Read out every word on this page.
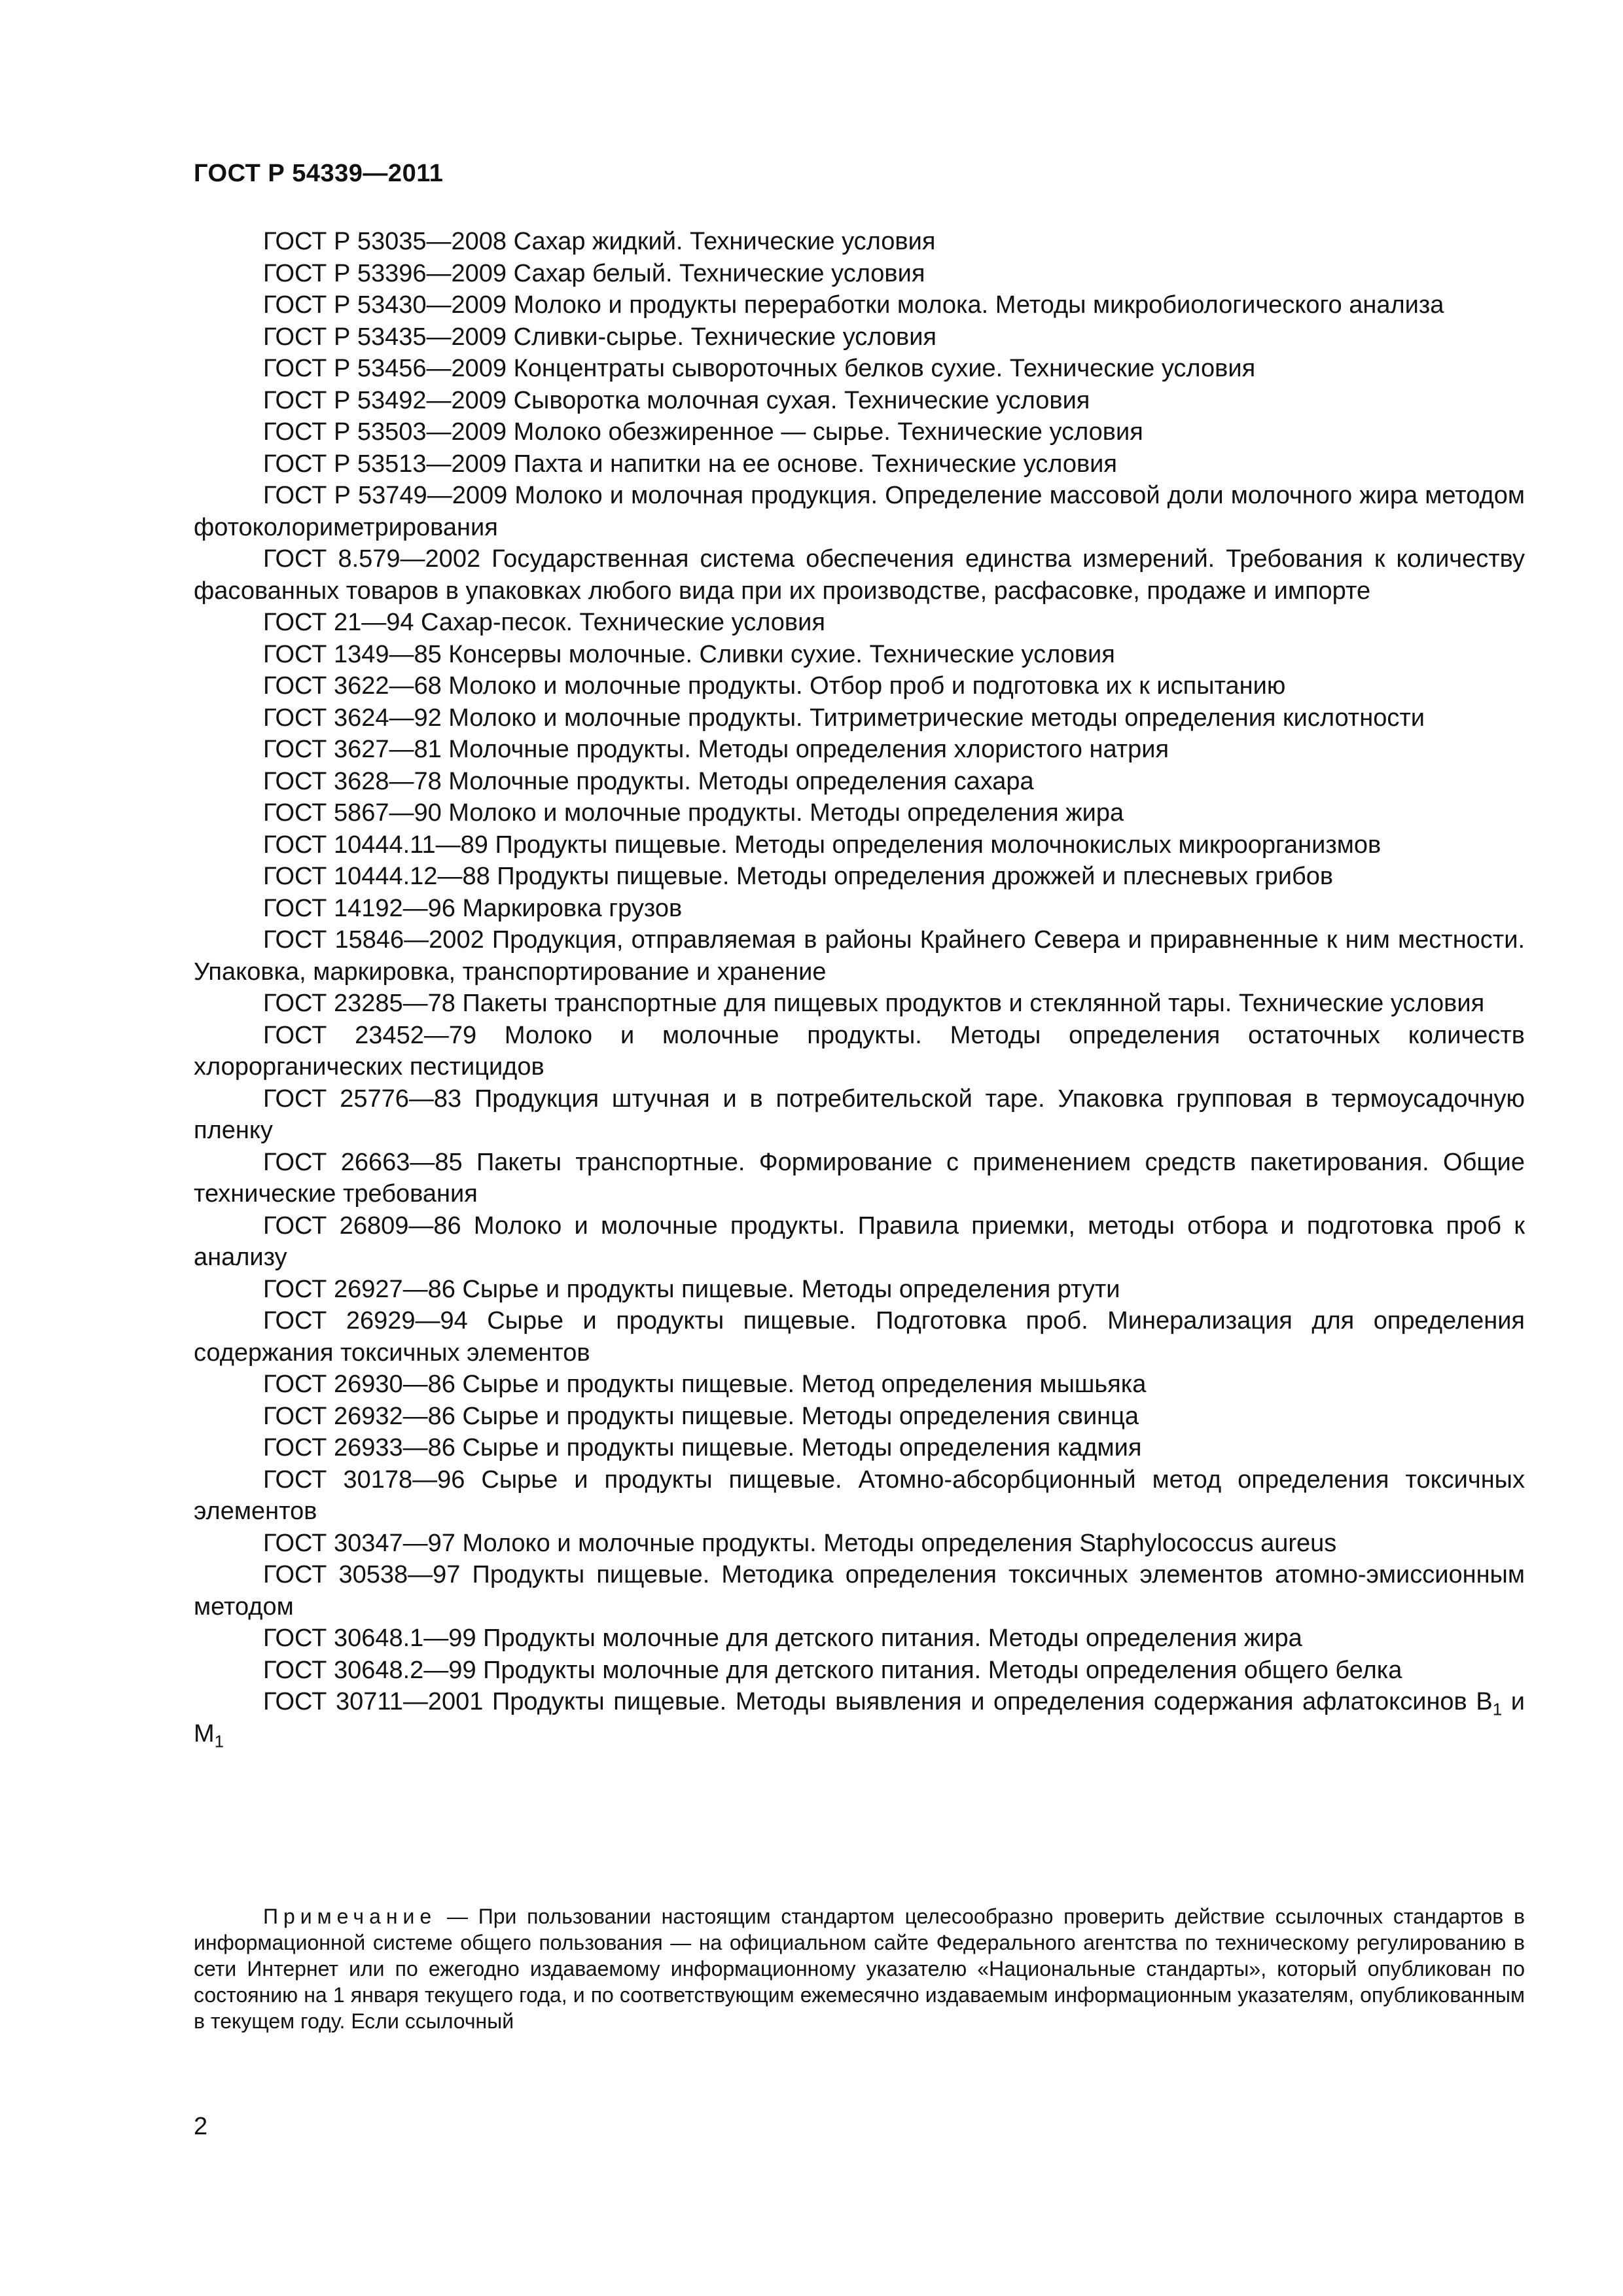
ГОСТ Р 54339—2011

ГОСТ Р 53035—2008 Сахар жидкий. Технические условия

ГОСТ Р 53396—2009 Сахар белый. Технические условия

ГОСТ Р 53430—2009 Молоко и продукты переработки молока. Методы микробиологического анализа

ГОСТ Р 53435—2009 Сливки-сырье. Технические условия

ГОСТ Р 53456—2009 Концентраты сывороточных белков сухие. Технические условия

ГОСТ Р 53492—2009 Сыворотка молочная сухая. Технические условия

ГОСТ Р 53503—2009 Молоко обезжиренное — сырье. Технические условия

ГОСТ Р 53513—2009 Пахта и напитки на ее основе. Технические условия

ГОСТ Р 53749—2009 Молоко и молочная продукция. Определение массовой доли молочного жира методом фотоколориметрирования

ГОСТ 8.579—2002 Государственная система обеспечения единства измерений. Требования к количеству фасованных товаров в упаковках любого вида при их производстве, расфасовке, продаже и импорте

ГОСТ 21—94 Сахар-песок. Технические условия

ГОСТ 1349—85 Консервы молочные. Сливки сухие. Технические условия

ГОСТ 3622—68 Молоко и молочные продукты. Отбор проб и подготовка их к испытанию

ГОСТ 3624—92 Молоко и молочные продукты. Титриметрические методы определения кислотности

ГОСТ 3627—81 Молочные продукты. Методы определения хлористого натрия

ГОСТ 3628—78 Молочные продукты. Методы определения сахара

ГОСТ 5867—90 Молоко и молочные продукты. Методы определения жира

ГОСТ 10444.11—89 Продукты пищевые. Методы определения молочнокислых микроорганизмов

ГОСТ 10444.12—88 Продукты пищевые. Методы определения дрожжей и плесневых грибов

ГОСТ 14192—96 Маркировка грузов

ГОСТ 15846—2002 Продукция, отправляемая в районы Крайнего Севера и приравненные к ним местности. Упаковка, маркировка, транспортирование и хранение

ГОСТ 23285—78 Пакеты транспортные для пищевых продуктов и стеклянной тары. Технические условия

ГОСТ 23452—79 Молоко и молочные продукты. Методы определения остаточных количеств хлорорганических пестицидов

ГОСТ 25776—83 Продукция штучная и в потребительской таре. Упаковка групповая в термоусадочную пленку

ГОСТ 26663—85 Пакеты транспортные. Формирование с применением средств пакетирования. Общие технические требования

ГОСТ 26809—86 Молоко и молочные продукты. Правила приемки, методы отбора и подготовка проб к анализу

ГОСТ 26927—86 Сырье и продукты пищевые. Методы определения ртути

ГОСТ 26929—94 Сырье и продукты пищевые. Подготовка проб. Минерализация для определения содержания токсичных элементов

ГОСТ 26930—86 Сырье и продукты пищевые. Метод определения мышьяка

ГОСТ 26932—86 Сырье и продукты пищевые. Методы определения свинца

ГОСТ 26933—86 Сырье и продукты пищевые. Методы определения кадмия

ГОСТ 30178—96 Сырье и продукты пищевые. Атомно-абсорбционный метод определения токсичных элементов

ГОСТ 30347—97 Молоко и молочные продукты. Методы определения Staphylococcus aureus

ГОСТ 30538—97 Продукты пищевые. Методика определения токсичных элементов атомно-эмиссионным методом

ГОСТ 30648.1—99 Продукты молочные для детского питания. Методы определения жира

ГОСТ 30648.2—99 Продукты молочные для детского питания. Методы определения общего белка

ГОСТ 30711—2001 Продукты пищевые. Методы выявления и определения содержания афлатоксинов $В_1$ и $М_1$

Примечание — При пользовании настоящим стандартом целесообразно проверить действие ссылочных стандартов в информационной системе общего пользования — на официальном сайте Федерального агентства по техническому регулированию в сети Интернет или по ежегодно издаваемому информационному указателю «Национальные стандарты», который опубликован по состоянию на 1 января текущего года, и по соответствующим ежемесячно издаваемым информационным указателям, опубликованным в текущем году. Если ссылочный

2
